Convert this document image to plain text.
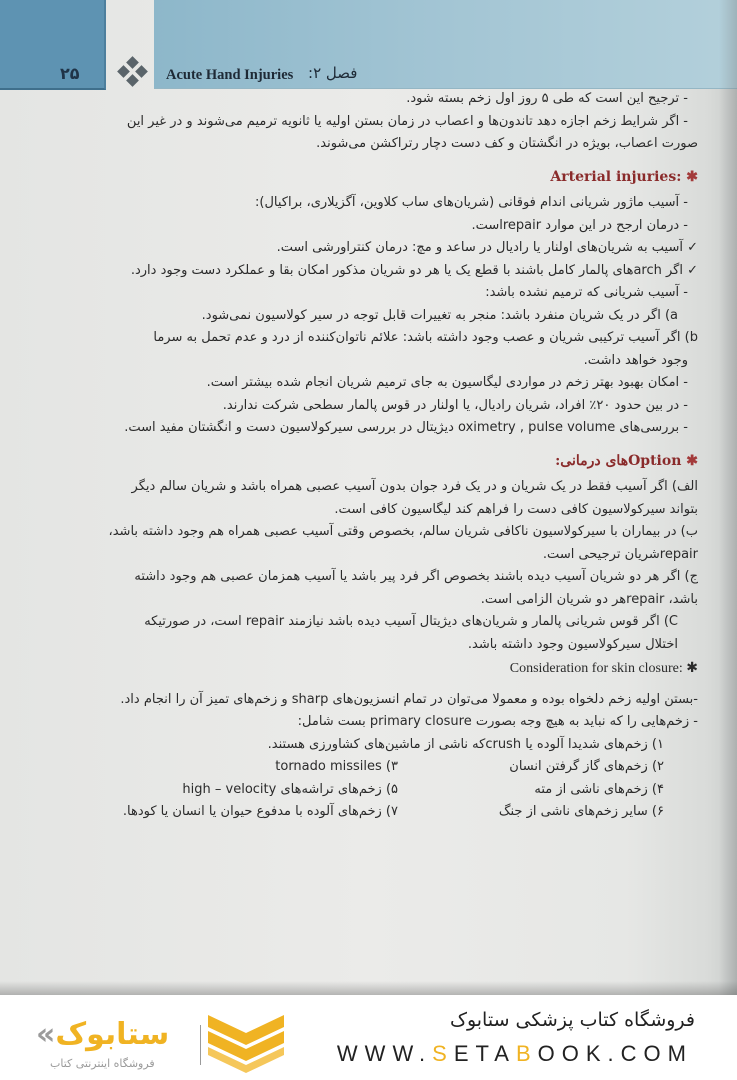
۲۵	Acute Hand Injuries فصل ۲:
- ترجیح این است که طی ۵ روز اول زخم بسته شود.
- اگر شرایط زخم اجازه دهد تاندون‌ها و اعصاب در زمان بستن اولیه یا ثانویه ترمیم می‌شوند و در غیر این
صورت اعصاب، بویژه در انگشتان و کف دست دچار رتراکشن می‌شوند.
✱ :Arterial injuries
- آسیب ماژور شریانی اندام فوقانی (شریان‌های ساب کلاوین، آگزیلاری، براکیال):
- درمان ارجح در این موارد repairاست.
✓ آسیب به شریان‌های اولنار یا رادیال در ساعد و مچ: درمان کنتراورشی است.
✓ اگر archهای پالمار کامل باشند با قطع یک یا هر دو شریان مذکور امکان بقا و عملکرد دست وجود دارد.
- آسیب شریانی که ترمیم نشده باشد:
a) اگر در یک شریان منفرد باشد: منجر به تغییرات قابل توجه در سیر کولاسیون نمی‌شود.
b) اگر آسیب ترکیبی شریان و عصب وجود داشته باشد: علائم ناتوان‌کننده از درد و عدم تحمل به سرما
وجود خواهد داشت.
- امکان بهبود بهتر زخم در مواردی لیگاسیون به جای ترمیم شریان انجام شده بیشتر است.
- در بین حدود ۲۰٪ افراد، شریان رادیال، یا اولنار در قوس پالمار سطحی شرکت ندارند.
- بررسی‌های oximetry , pulse volume دیژیتال در بررسی سیرکولاسیون دست و انگشتان مفید است.
✱ Optionهای درمانی:
الف) اگر آسیب فقط در یک شریان و در یک فرد جوان بدون آسیب عصبی همراه باشد و شریان سالم دیگر
بتواند سیرکولاسیون کافی دست را فراهم کند لیگاسیون کافی است.
ب) در بیماران با سیرکولاسیون ناکافی شریان سالم، بخصوص وقتی آسیب عصبی همراه هم وجود داشته باشد،
repairشریان ترجیحی است.
ج) اگر هر دو شریان آسیب دیده باشند بخصوص اگر فرد پیر باشد یا آسیب همزمان عصبی هم وجود داشته
باشد، repairهر دو شریان الزامی است.
C) اگر قوس شریانی پالمار و شریان‌های دیژیتال آسیب دیده باشد نیازمند repair است، در صورتیکه
اختلال سیرکولاسیون وجود داشته باشد.
✱ Consideration for skin closure:
-بستن اولیه زخم دلخواه بوده و معمولا می‌توان در تمام انسزیون‌های sharp و زخم‌های تمیز آن را انجام داد.
- زخم‌هایی را که نباید به هیچ وجه بصورت primary closure بست شامل:
۱) زخم‌های شدیدا آلوده یا crushکه ناشی از ماشین‌های کشاورزی هستند.
۲) زخم‌های گاز گرفتن انسان
۳) tornado missiles
۴) زخم‌های ناشی از مته
۵) زخم‌های تراشه‌های high – velocity
۶) سایر زخم‌های ناشی از جنگ
۷) زخم‌های آلوده با مدفوع حیوان یا انسان یا کودها.
«ستابوک
فروشگاه اینترنتی کتاب
فروشگاه کتاب پزشکی ستابوک
WWW.SETABOOK.COM
